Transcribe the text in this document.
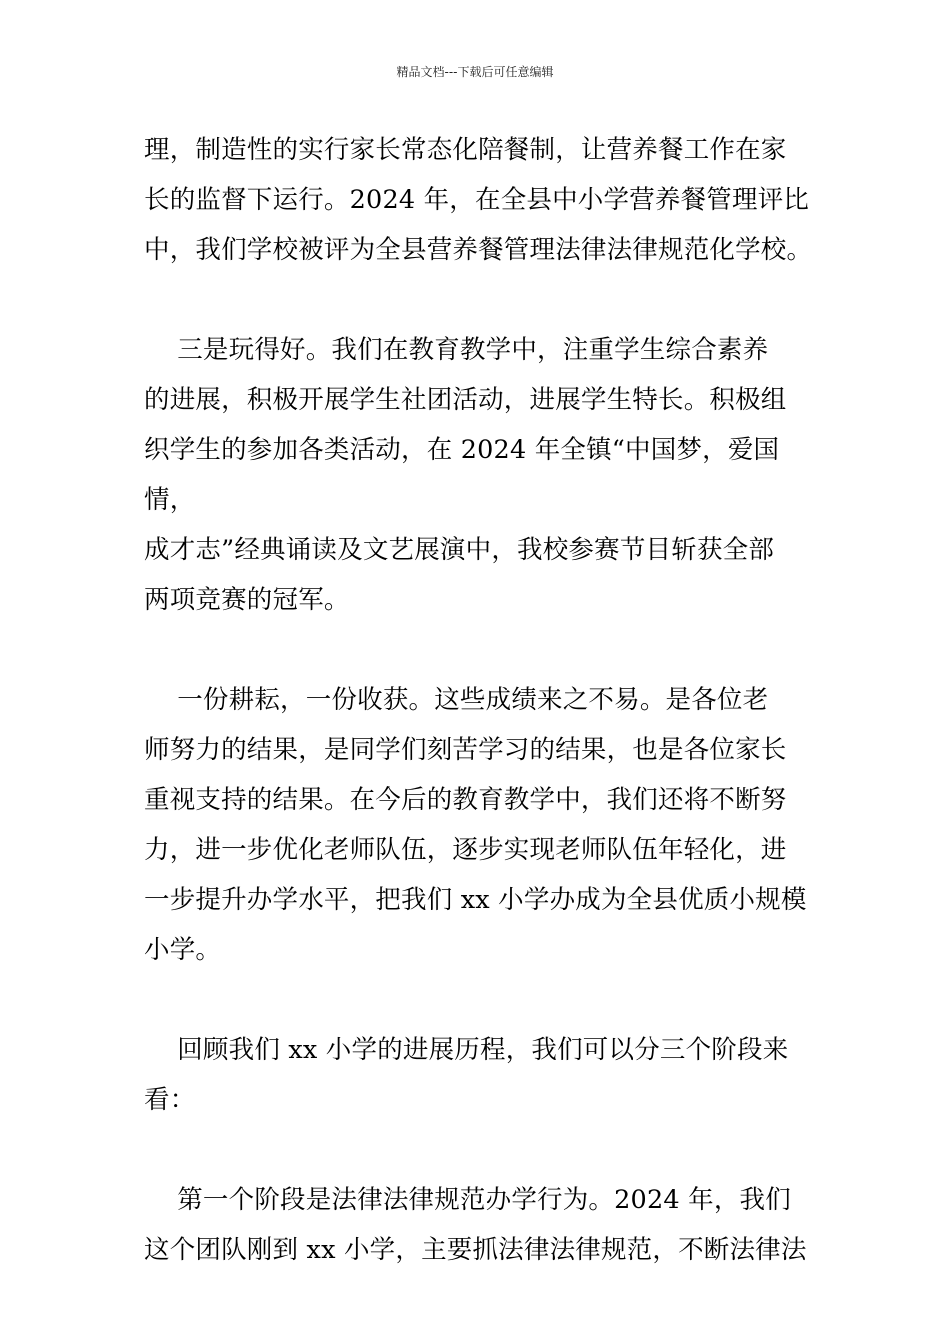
精品文档---下载后可任意编辑

理，制造性的实行家长常态化陪餐制，让营养餐工作在家

长的监督下运行。2024 年，在全县中小学营养餐管理评比

中，我们学校被评为全县营养餐管理法律法律规范化学校。

三是玩得好。我们在教育教学中，注重学生综合素养

的进展，积极开展学生社团活动，进展学生特长。积极组

织学生的参加各类活动，在 2024 年全镇“中国梦，爱国情，

成才志”经典诵读及文艺展演中，我校参赛节目斩获全部

两项竞赛的冠军。

一份耕耘，一份收获。这些成绩来之不易。是各位老

师努力的结果，是同学们刻苦学习的结果，也是各位家长

重视支持的结果。在今后的教育教学中，我们还将不断努

力，进一步优化老师队伍，逐步实现老师队伍年轻化，进

一步提升办学水平，把我们 xx 小学办成为全县优质小规模

小学。

回顾我们 xx 小学的进展历程，我们可以分三个阶段来

看：

第一个阶段是法律法律规范办学行为。2024 年，我们

这个团队刚到 xx 小学，主要抓法律法律规范，不断法律法
